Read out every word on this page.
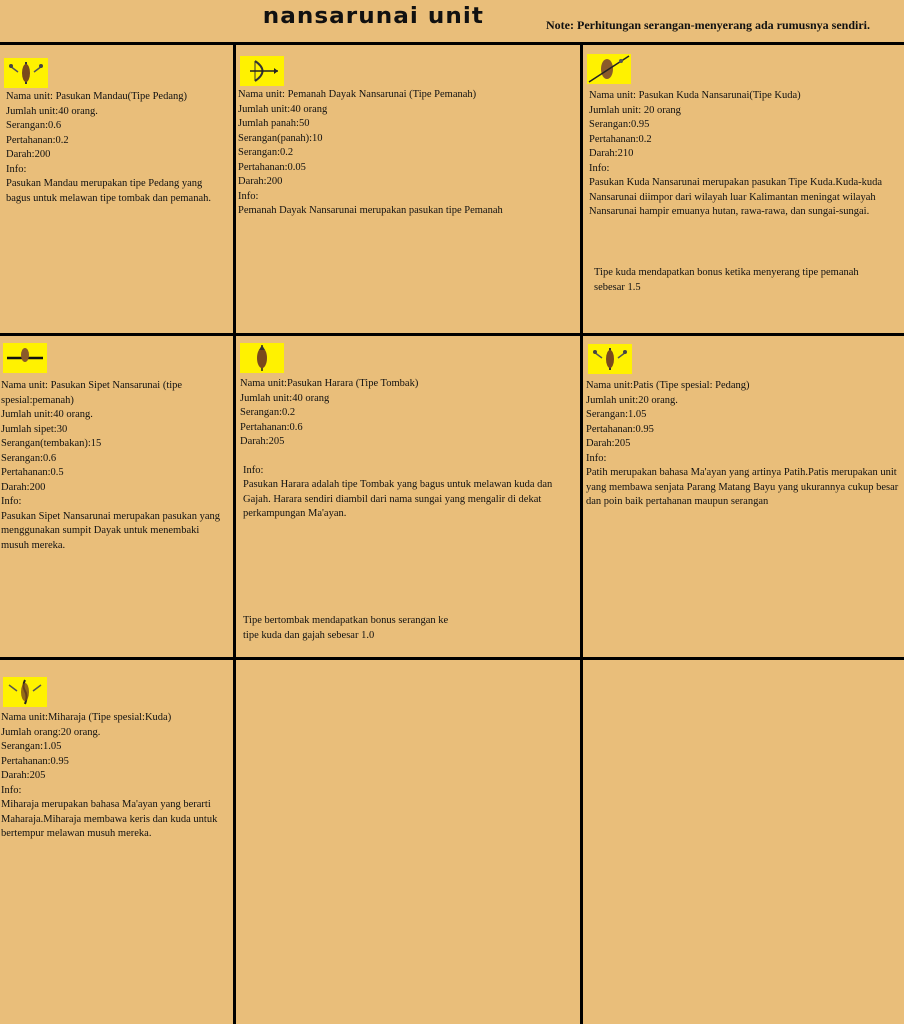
nansarunai unit	Note: Perhitungan serangan-menyerang ada rumusnya sendiri.

Nama unit: Pasukan Mandau(Tipe Pedang)

Jumlah unit:40 orang.

Serangan:0.6

Pertahanan:0.2

Darah:200

Info:

Pasukan Mandau merupakan tipe Pedang yang bagus untuk melawan tipe tombak dan pemanah.

Nama unit: Pemanah Dayak Nansarunai (Tipe Pemanah)

Jumlah unit:40 orang

Jumlah panah:50

Serangan(panah):10

Serangan:0.2

Pertahanan:0.05

Darah:200

Info:

Pemanah Dayak Nansarunai merupakan pasukan tipe Pemanah

Nama unit: Pasukan Kuda Nansarunai(Tipe Kuda)

Jumlah unit: 20 orang

Serangan:0.95

Pertahanan:0.2

Darah:210

Info:

Pasukan Kuda Nansarunai merupakan pasukan Tipe Kuda.Kuda-kuda Nansarunai diimpor dari wilayah luar Kalimantan meningat wilayah Nansarunai hampir emuanya hutan, rawa-rawa, dan sungai-sungai.

Tipe kuda mendapatkan bonus ketika menyerang tipe pemanah sebesar 1.5

Nama unit: Pasukan Sipet Nansarunai (tipe spesial:pemanah)

Jumlah unit:40 orang.

Jumlah sipet:30

Serangan(tembakan):15

Serangan:0.6

Pertahanan:0.5

Darah:200

Info:

Pasukan Sipet Nansarunai merupakan pasukan yang menggunakan sumpit Dayak untuk menembaki musuh mereka.

Nama unit:Pasukan Harara (Tipe Tombak)

Jumlah unit:40 orang

Serangan:0.2

Pertahanan:0.6

Darah:205

Info:

Pasukan Harara adalah tipe Tombak yang bagus untuk melawan kuda dan Gajah. Harara sendiri diambil dari nama sungai yang mengalir di dekat perkampungan Ma'ayan.

Tipe bertombak mendapatkan bonus serangan ke tipe kuda dan gajah sebesar 1.0

Nama unit:Patis (Tipe spesial: Pedang)

Jumlah unit:20 orang.

Serangan:1.05

Pertahanan:0.95

Darah:205

Info:

Patih merupakan bahasa Ma'ayan yang artinya Patih.Patis merupakan unit yang membawa senjata Parang Matang Bayu yang ukurannya cukup besar dan poin baik pertahanan maupun serangan

Nama unit:Miharaja (Tipe spesial:Kuda)

Jumlah orang:20 orang.

Serangan:1.05

Pertahanan:0.95

Darah:205

Info:

Miharaja merupakan bahasa Ma'ayan yang berarti Maharaja.Miharaja membawa keris dan kuda untuk bertempur melawan musuh mereka.
